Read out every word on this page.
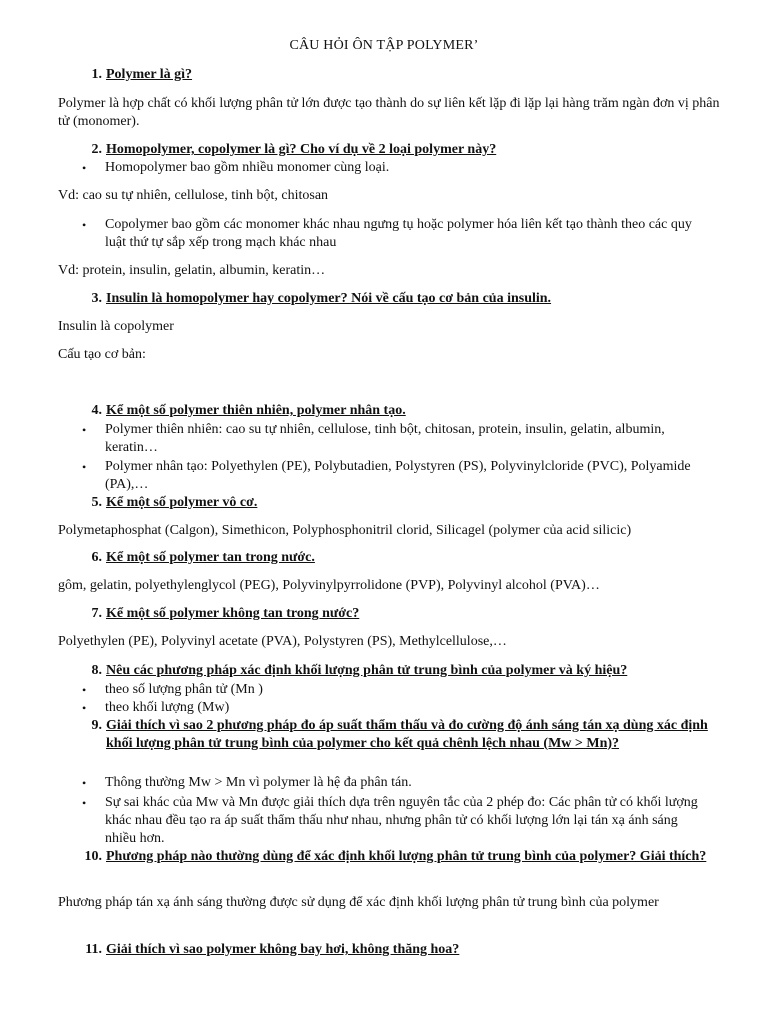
CÂU HỎI ÔN TẬP POLYMER’
1. Polymer là gì?
Polymer là hợp chất có khối lượng phân tử lớn được tạo thành do sự liên kết lặp đi lặp lại hàng trăm ngàn đơn vị phân tử (monomer).
2. Homopolymer, copolymer là gì? Cho ví dụ về 2 loại polymer này?
• Homopolymer bao gồm nhiều monomer cùng loại.
Vd: cao su tự nhiên, cellulose, tinh bột, chitosan
• Copolymer bao gồm các monomer khác nhau ngưng tụ hoặc polymer hóa liên kết tạo thành theo các quy luật thứ tự sắp xếp trong mạch khác nhau
Vd: protein, insulin, gelatin, albumin, keratin…
3. Insulin là homopolymer hay copolymer? Nói về cấu tạo cơ bản của insulin.
Insulin là copolymer
Cấu tạo cơ bản:
4. Kể một số polymer thiên nhiên, polymer nhân tạo.
• Polymer thiên nhiên: cao su tự nhiên, cellulose, tinh bột, chitosan, protein, insulin, gelatin, albumin, keratin…
• Polymer nhân tạo: Polyethylen (PE), Polybutadien, Polystyren (PS), Polyvinylcloride (PVC), Polyamide (PA),…
5. Kể một số polymer vô cơ.
Polymetaphosphat (Calgon), Simethicon, Polyphosphonitril clorid, Silicagel (polymer của acid silicic)
6. Kể một số polymer tan trong nước.
gôm, gelatin, polyethylenglycol (PEG), Polyvinylpyrrolidone (PVP), Polyvinyl alcohol (PVA)…
7. Kể một số polymer không tan trong nước?
Polyethylen (PE), Polyvinyl acetate (PVA), Polystyren (PS), Methylcellulose,…
8. Nêu các phương pháp xác định khối lượng phân tử trung bình của polymer và ký hiệu?
• theo số lượng phân tử (Mn )
• theo khối lượng (Mw)
9. Giải thích vì sao 2 phương pháp đo áp suất thẩm thấu và đo cường độ ánh sáng tán xạ dùng xác định khối lượng phân tử trung bình của polymer cho kết quả chênh lệch nhau (Mw > Mn)?
• Thông thường Mw > Mn vì polymer là hệ đa phân tán.
• Sự sai khác của Mw và Mn được giải thích dựa trên nguyên tắc của 2 phép đo: Các phân tử có khối lượng khác nhau đều tạo ra áp suất thẩm thấu như nhau, nhưng phân tử có khối lượng lớn lại tán xạ ánh sáng nhiều hơn.
10. Phương pháp nào thường dùng để xác định khối lượng phân tử trung bình của polymer? Giải thích?
Phương pháp tán xạ ánh sáng thường được sử dụng để xác định khối lượng phân tử trung bình của polymer
11. Giải thích vì sao polymer không bay hơi, không thăng hoa?
